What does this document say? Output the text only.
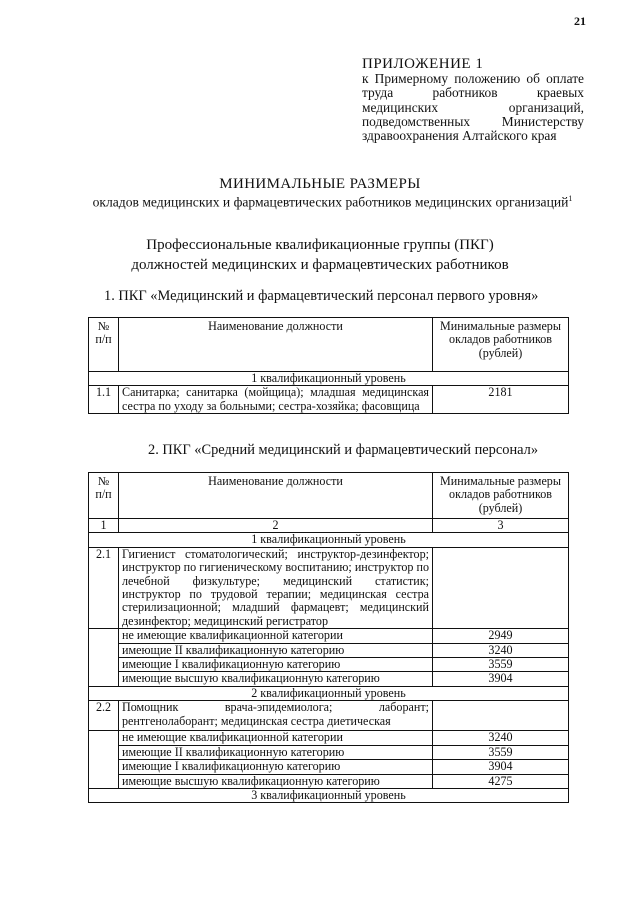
21
ПРИЛОЖЕНИЕ 1
к Примерному положению об оплате труда работников краевых медицинских организаций, подведомственных Министерству здравоохранения Алтайского края
МИНИМАЛЬНЫЕ РАЗМЕРЫ
окладов медицинских и фармацевтических работников медицинских организаций$^1$
Профессиональные квалификационные группы (ПКГ)
должностей медицинских и фармацевтических работников
1. ПКГ «Медицинский и фармацевтический персонал первого уровня»
№ п/п	Наименование должности	Минимальные размеры окладов работников (рублей)
1 квалификационный уровень		
1.1	Санитарка; санитарка (мойщица); младшая медицинская сестра по уходу за больными; сестра-хозяйка; фасовщица	2181
2. ПКГ «Средний медицинский и фармацевтический персонал»
№ п/п	Наименование должности	Минимальные размеры окладов работников (рублей)
1	2	3
1 квалификационный уровень		
2.1	Гигиенист стоматологический; инструктор-дезинфектор; инструктор по гигиеническому воспитанию; инструктор по лечебной физкультуре; медицинский статистик; инструктор по трудовой терапии; медицинская сестра стерилизационной; младший фармацевт; медицинский дезинфектор; медицинский регистратор	
	не имеющие квалификационной категории	2949
	имеющие II квалификационную категорию	3240
	имеющие I квалификационную категорию	3559
	имеющие высшую квалификационную категорию	3904
2 квалификационный уровень		
2.2	Помощник врача-эпидемиолога; лаборант; рентгенолаборант; медицинская сестра диетическая	
	не имеющие квалификационной категории	3240
	имеющие II квалификационную категорию	3559
	имеющие I квалификационную категорию	3904
	имеющие высшую квалификационную категорию	4275
3 квалификационный уровень		
